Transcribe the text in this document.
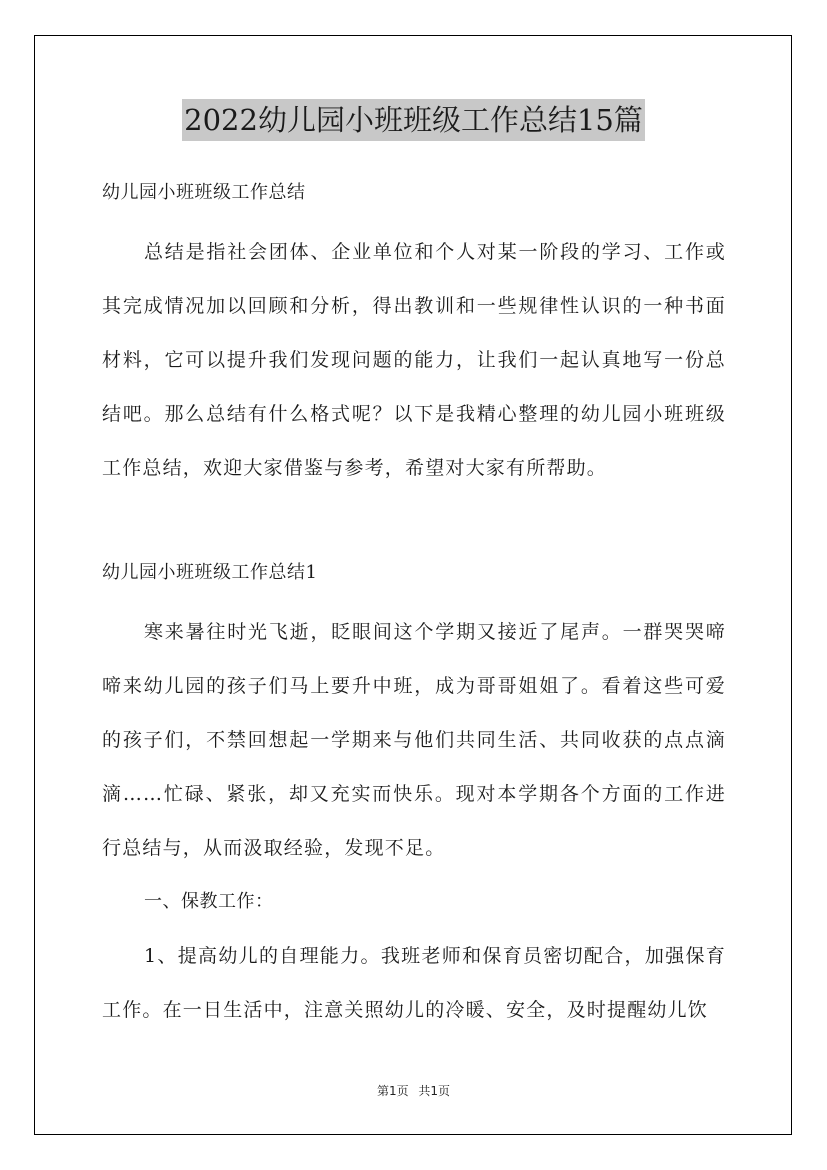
2022幼儿园小班班级工作总结15篇

幼儿园小班班级工作总结

总结是指社会团体、企业单位和个人对某一阶段的学习、工作或其完成情况加以回顾和分析，得出教训和一些规律性认识的一种书面材料，它可以提升我们发现问题的能力，让我们一起认真地写一份总结吧。那么总结有什么格式呢？以下是我精心整理的幼儿园小班班级工作总结，欢迎大家借鉴与参考，希望对大家有所帮助。

幼儿园小班班级工作总结1

寒来暑往时光飞逝，眨眼间这个学期又接近了尾声。一群哭哭啼啼来幼儿园的孩子们马上要升中班，成为哥哥姐姐了。看着这些可爱的孩子们，不禁回想起一学期来与他们共同生活、共同收获的点点滴滴……忙碌、紧张，却又充实而快乐。现对本学期各个方面的工作进行总结与，从而汲取经验，发现不足。

一、保教工作：

1、提高幼儿的自理能力。我班老师和保育员密切配合，加强保育工作。在一日生活中，注意关照幼儿的冷暖、安全，及时提醒幼儿饮

第1页 共1页
